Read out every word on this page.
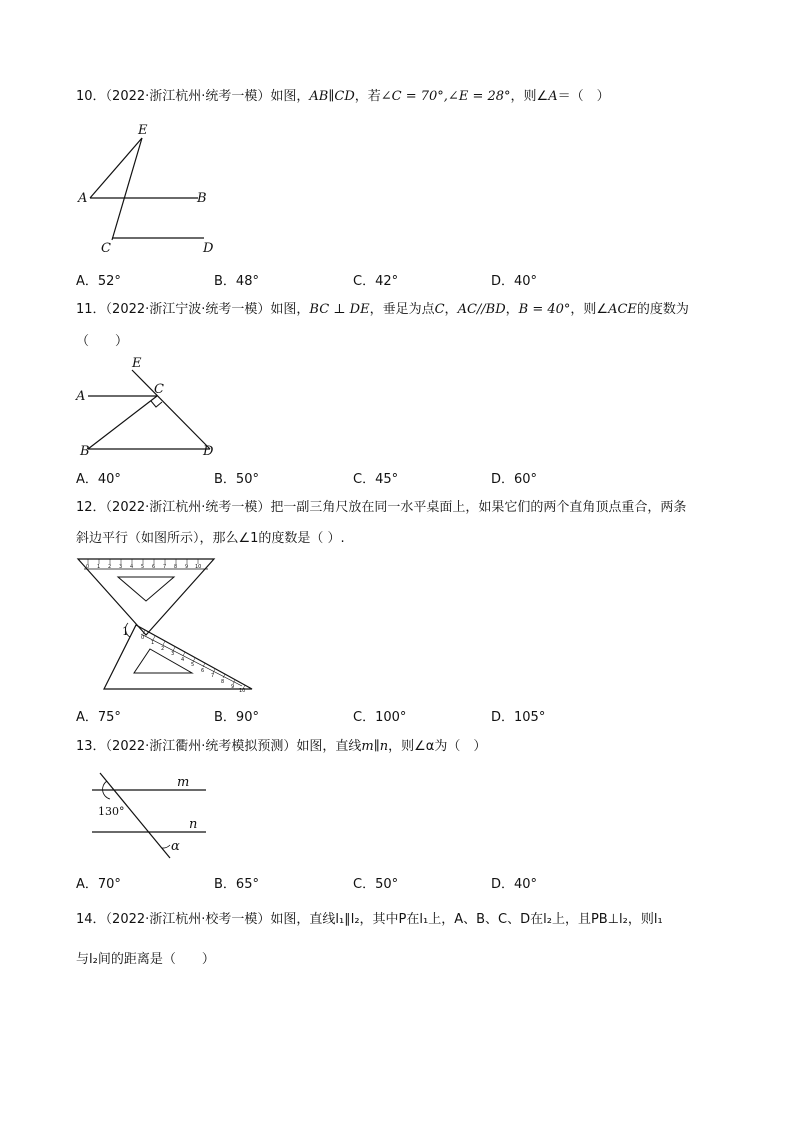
10．（2022·浙江杭州·统考一模）如图，AB∥CD，若∠C = 70°,∠E = 28°，则∠A＝（　）
E
A	B
C	D
A．52°	B．48°	C．42°	D．40°
11．（2022·浙江宁波·统考一模）如图，BC ⊥ DE，垂足为点C，AC//BD，B = 40°，则∠ACE的度数为
（　　）
E
A	C
B	D
A．40°	B．50°	C．45°	D．60°
12．（2022·浙江杭州·统考一模）把一副三角尺放在同一水平桌面上，如果它们的两个直角顶点重合，两条
斜边平行（如图所示），那么∠1的度数是（ ）.
0 1 2 3 4 5 6 7 8 9 10
0
1
2
3
4
5
6
7
8
9
10
1
A．75°	B．90°	C．100°	D．105°
13．（2022·浙江衢州·统考模拟预测）如图，直线m∥n，则∠α为（　）
m
n
130°
α
A．70°	B．65°	C．50°	D．40°
14．（2022·浙江杭州·校考一模）如图，直线l₁∥l₂，其中P在l₁上，A、B、C、D在l₂上，且PB⊥l₂，则l₁
与l₂间的距离是（　　）
